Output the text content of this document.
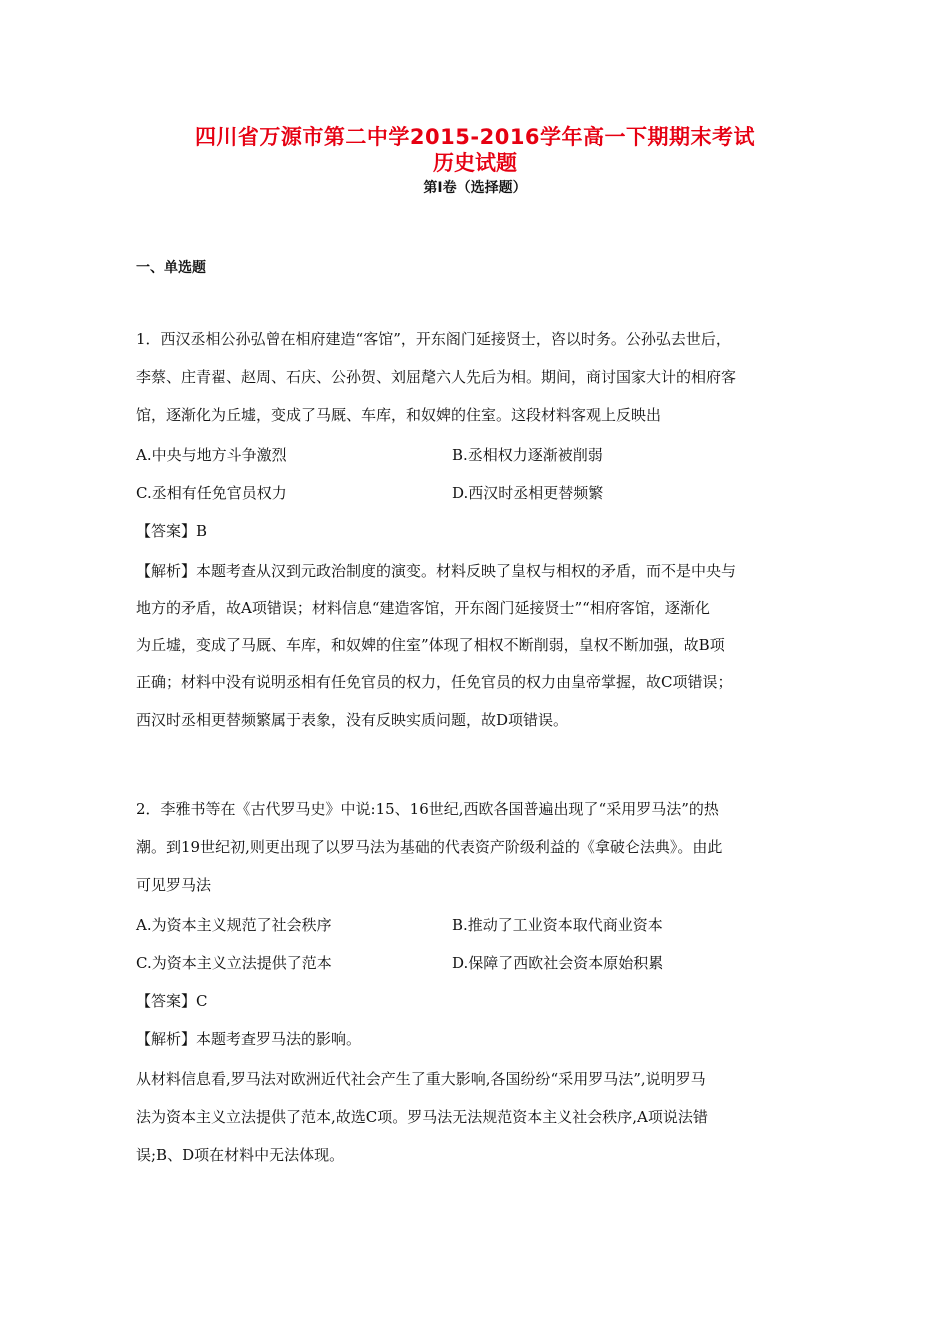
四川省万源市第二中学2015-2016学年高一下期期末考试
历史试题
第Ⅰ卷（选择题）
一、单选题
1．西汉丞相公孙弘曾在相府建造“客馆”，开东阁门延接贤士，咨以时务。公孙弘去世后，
李蔡、庄青翟、赵周、石庆、公孙贺、刘屈氂六人先后为相。期间，商讨国家大计的相府客
馆，逐渐化为丘墟，变成了马厩、车库，和奴婢的住室。这段材料客观上反映出
A.中央与地方斗争激烈	B.丞相权力逐渐被削弱
C.丞相有任免官员权力	D.西汉时丞相更替频繁
【答案】B
【解析】本题考查从汉到元政治制度的演变。材料反映了皇权与相权的矛盾，而不是中央与
地方的矛盾，故A项错误；材料信息“建造客馆，开东阁门延接贤士”“相府客馆，逐渐化
为丘墟，变成了马厩、车库，和奴婢的住室”体现了相权不断削弱，皇权不断加强，故B项
正确；材料中没有说明丞相有任免官员的权力，任免官员的权力由皇帝掌握，故C项错误；
西汉时丞相更替频繁属于表象，没有反映实质问题，故D项错误。
2．李雅书等在《古代罗马史》中说:15、16世纪,西欧各国普遍出现了“采用罗马法”的热
潮。到19世纪初,则更出现了以罗马法为基础的代表资产阶级利益的《拿破仑法典》。由此
可见罗马法
A.为资本主义规范了社会秩序	B.推动了工业资本取代商业资本
C.为资本主义立法提供了范本	D.保障了西欧社会资本原始积累
【答案】C
【解析】本题考查罗马法的影响。
从材料信息看,罗马法对欧洲近代社会产生了重大影响,各国纷纷“采用罗马法”,说明罗马
法为资本主义立法提供了范本,故选C项。罗马法无法规范资本主义社会秩序,A项说法错
误;B、D项在材料中无法体现。
